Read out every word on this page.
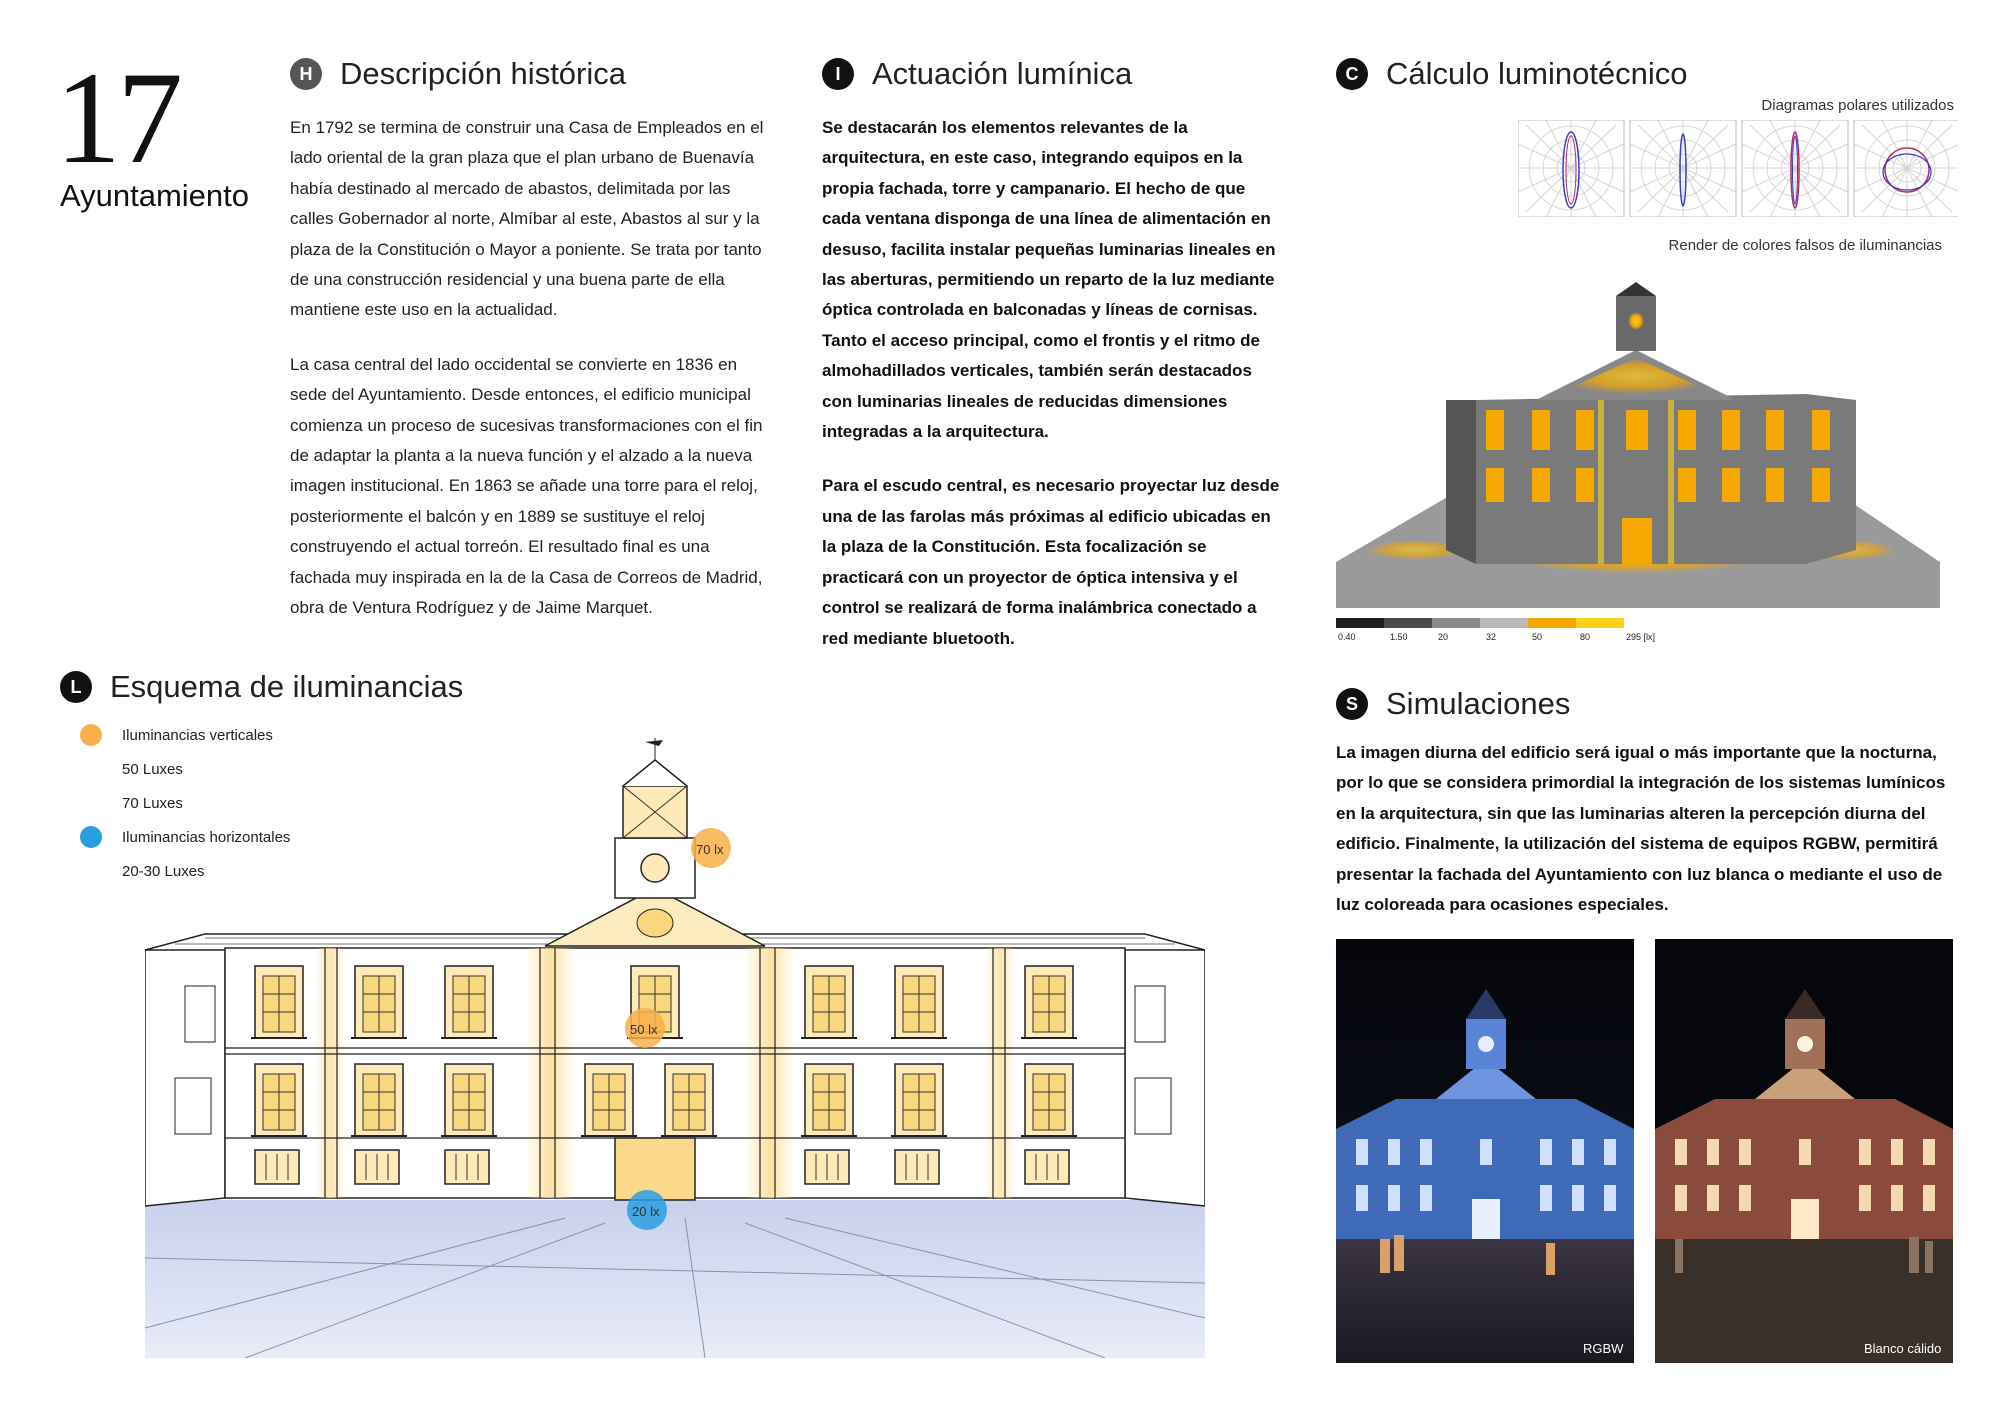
17
Ayuntamiento
H Descripción histórica

En 1792 se termina de construir una Casa de Empleados en el lado oriental de la gran plaza que el plan urbano de Buenavía había destinado al mercado de abastos, delimitada por las calles Gobernador al norte, Almíbar al este, Abastos al sur y la plaza de la Constitución o Mayor a poniente. Se trata por tanto de una construcción residencial y una buena parte de ella mantiene este uso en la actualidad.

La casa central del lado occidental se convierte en 1836 en sede del Ayuntamiento. Desde entonces, el edificio municipal comienza un proceso de sucesivas transformaciones con el fin de adaptar la planta a la nueva función y el alzado a la nueva imagen institucional. En 1863 se añade una torre para el reloj, posteriormente el balcón y en 1889 se sustituye el reloj construyendo el actual torreón. El resultado final es una fachada muy inspirada en la de la Casa de Correos de Madrid, obra de Ventura Rodríguez y de Jaime Marquet.

I	Actuación lumínica

Se destacarán los elementos relevantes de la arquitectura, en este caso, integrando equipos en la propia fachada, torre y campanario. El hecho de que cada ventana disponga de una línea de alimentación en desuso, facilita instalar pequeñas luminarias lineales en las aberturas, permitiendo un reparto de la luz mediante óptica controlada en balconadas y líneas de cornisas. Tanto el acceso principal, como el frontis y el ritmo de almohadillados verticales, también serán destacados con luminarias lineales de reducidas dimensiones integradas a la arquitectura.

Para el escudo central, es necesario proyectar luz desde una de las farolas más próximas al edificio ubicadas en la plaza de la Constitución. Esta focalización se practicará con un proyector de óptica intensiva y el control se realizará de forma inalámbrica conectado a red mediante bluetooth.

C Cálculo luminotécnico
Diagramas polares utilizados
Render de colores falsos de iluminancias
0.40	1.50	20	32	50	80	295 [lx]
L Esquema de iluminancias
Iluminancias verticales
50 Luxes
70 Luxes
Iluminancias horizontales
20-30 Luxes
70 lx
50 lx
20 lx
S Simulaciones
La imagen diurna del edificio será igual o más importante que la nocturna, por lo que se considera primordial la integración de los sistemas lumínicos en la arquitectura, sin que las luminarias alteren la percepción diurna del edificio. Finalmente, la utilización del sistema de equipos RGBW, permitirá presentar la fachada del Ayuntamiento con luz blanca o mediante el uso de luz coloreada para ocasiones especiales.
RGBW	Blanco cálido
